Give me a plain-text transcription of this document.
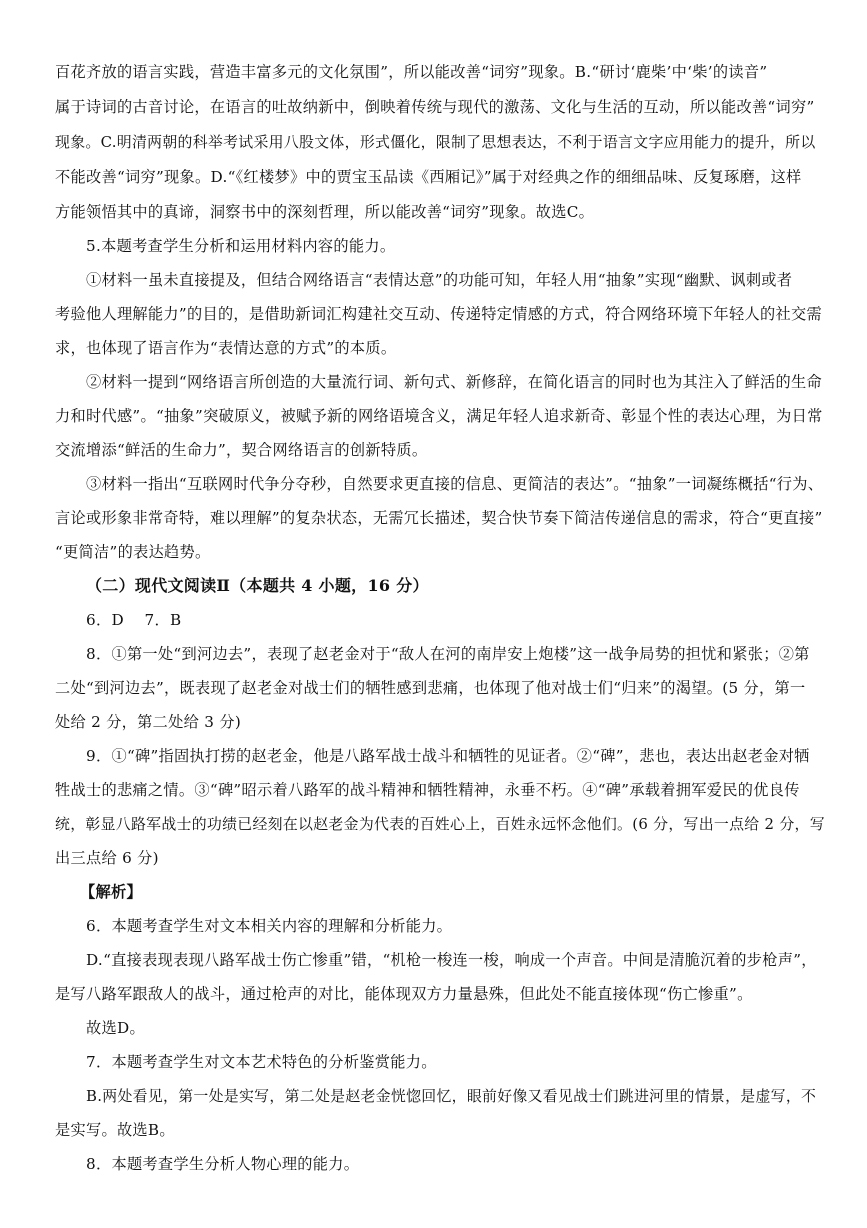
百花齐放的语言实践，营造丰富多元的文化氛围”，所以能改善“词穷”现象。B.“研讨‘鹿柴’中‘柴’的读音”
属于诗词的古音讨论，在语言的吐故纳新中，倒映着传统与现代的激荡、文化与生活的互动，所以能改善“词穷”
现象。C.明清两朝的科举考试采用八股文体，形式僵化，限制了思想表达，不利于语言文字应用能力的提升，所以
不能改善“词穷”现象。D.“《红楼梦》中的贾宝玉品读《西厢记》”属于对经典之作的细细品味、反复琢磨，这样
方能领悟其中的真谛，洞察书中的深刻哲理，所以能改善“词穷”现象。故选C。
5.本题考查学生分析和运用材料内容的能力。
①材料一虽未直接提及，但结合网络语言“表情达意”的功能可知，年轻人用“抽象”实现“幽默、讽刺或者
考验他人理解能力”的目的，是借助新词汇构建社交互动、传递特定情感的方式，符合网络环境下年轻人的社交需
求，也体现了语言作为“表情达意的方式”的本质。
②材料一提到“网络语言所创造的大量流行词、新句式、新修辞，在简化语言的同时也为其注入了鲜活的生命
力和时代感”。“抽象”突破原义，被赋予新的网络语境含义，满足年轻人追求新奇、彰显个性的表达心理，为日常
交流增添“鲜活的生命力”，契合网络语言的创新特质。
③材料一指出“互联网时代争分夺秒，自然要求更直接的信息、更简洁的表达”。“抽象”一词凝练概括“行为、
言论或形象非常奇特，难以理解”的复杂状态，无需冗长描述，契合快节奏下简洁传递信息的需求，符合“更直接”
“更简洁”的表达趋势。
（二）现代文阅读Ⅱ（本题共 4 小题，16 分）
6．D　 7．B
8．①第一处“到河边去”，表现了赵老金对于“敌人在河的南岸安上炮楼”这一战争局势的担忧和紧张；②第
二处“到河边去”，既表现了赵老金对战士们的牺牲感到悲痛，也体现了他对战士们“归来”的渴望。(5 分，第一
处给 2 分，第二处给 3 分)
9．①“碑”指固执打捞的赵老金，他是八路军战士战斗和牺牲的见证者。②“碑”，悲也，表达出赵老金对牺
牲战士的悲痛之情。③“碑”昭示着八路军的战斗精神和牺牲精神，永垂不朽。④“碑”承载着拥军爱民的优良传
统，彰显八路军战士的功绩已经刻在以赵老金为代表的百姓心上，百姓永远怀念他们。(6 分，写出一点给 2 分，写
出三点给 6 分)
【解析】
6．本题考查学生对文本相关内容的理解和分析能力。
D.“直接表现表现八路军战士伤亡惨重”错，“机枪一梭连一梭，响成一个声音。中间是清脆沉着的步枪声”，
是写八路军跟敌人的战斗，通过枪声的对比，能体现双方力量悬殊，但此处不能直接体现“伤亡惨重”。
故选D。
7．本题考查学生对文本艺术特色的分析鉴赏能力。
B.两处看见，第一处是实写，第二处是赵老金恍惚回忆，眼前好像又看见战士们跳进河里的情景，是虚写，不
是实写。故选B。
8．本题考查学生分析人物心理的能力。
